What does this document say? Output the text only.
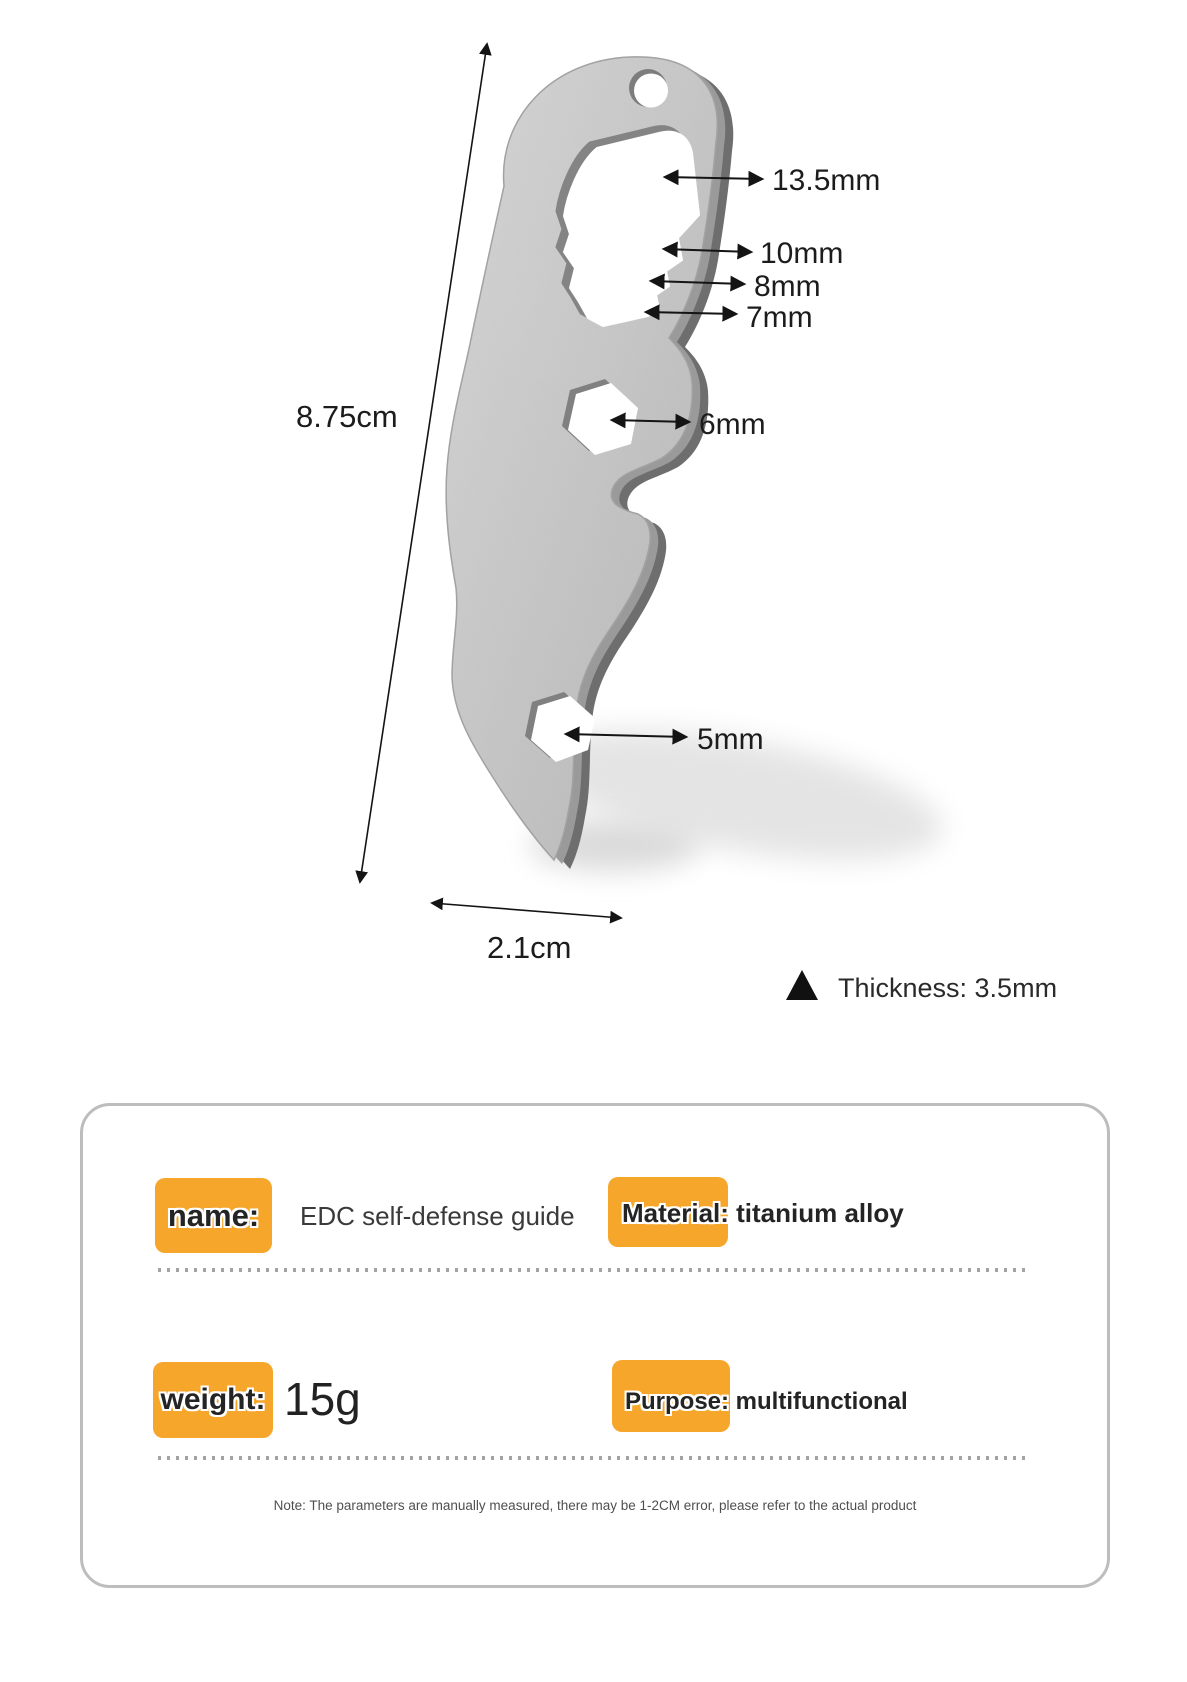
13.5mm
10mm
8mm
7mm
6mm
5mm
8.75cm
2.1cm
Thickness: 3.5mm
name: EDC self-defense guide Material: titanium alloy
weight: 15g	Purpose: multifunctional
Note: The parameters are manually measured, there may be 1-2CM error, please refer to the actual product
